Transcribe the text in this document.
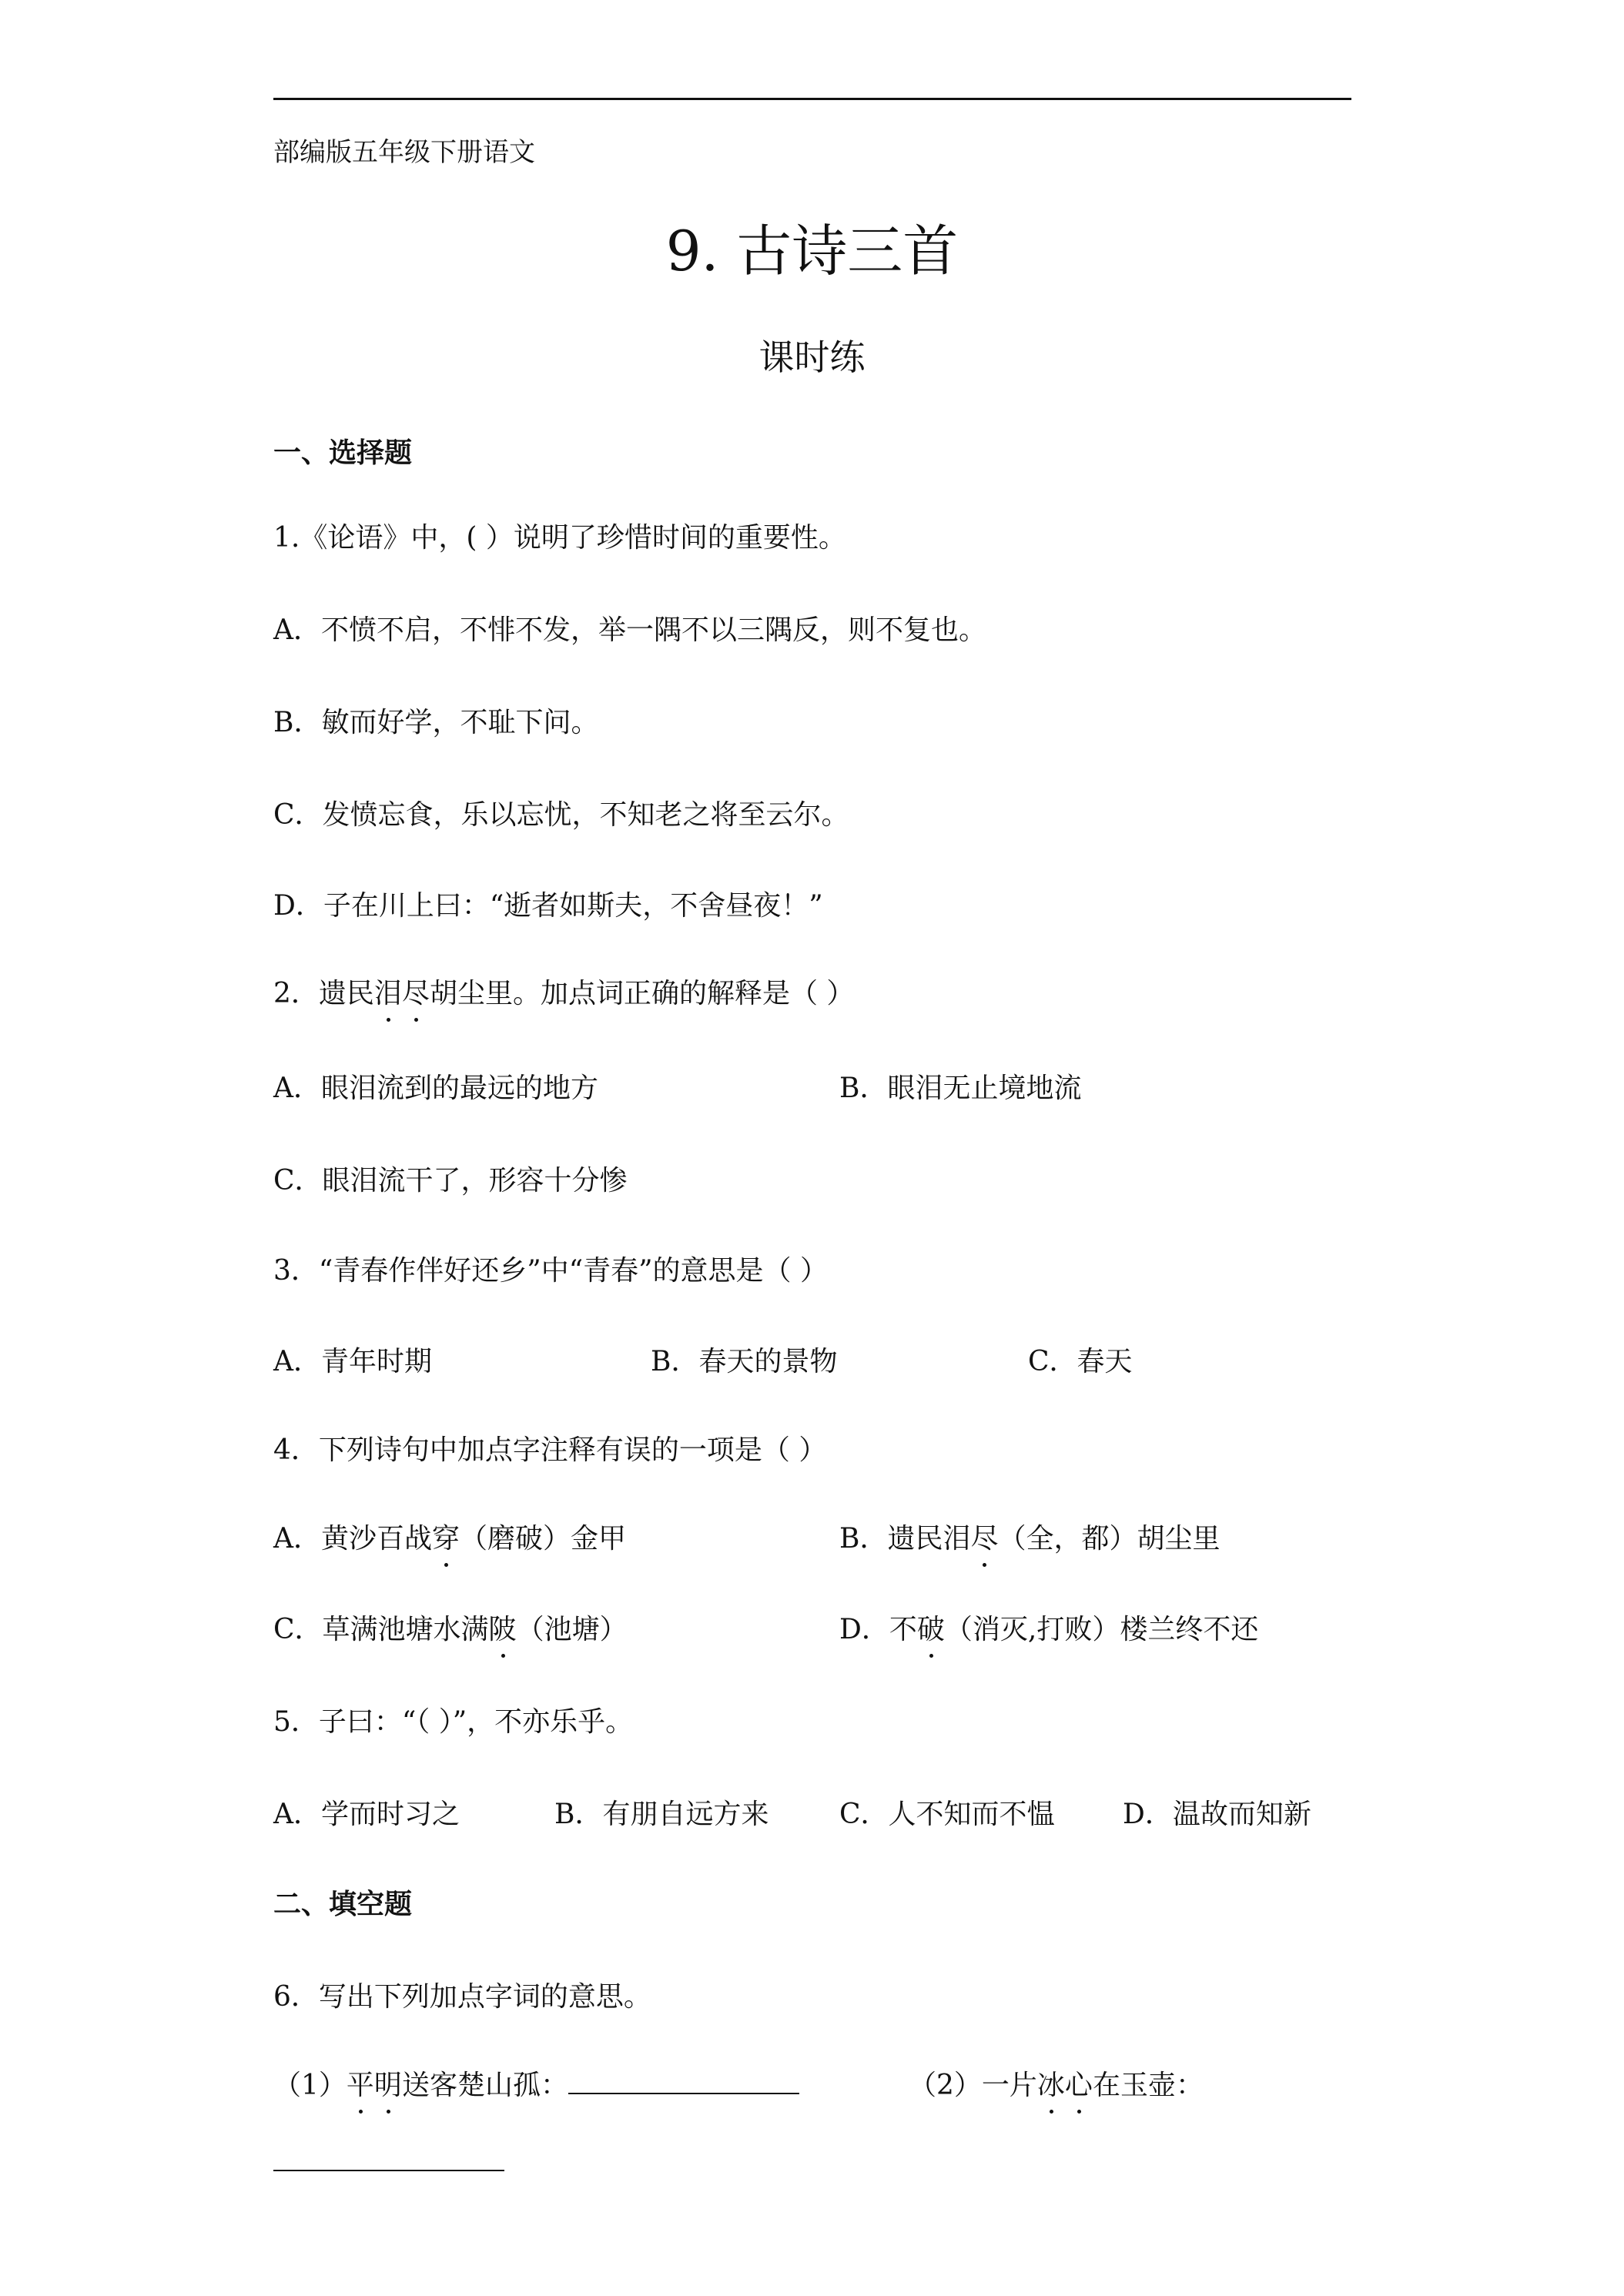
部编版五年级下册语文
9. 古诗三首
课时练
一、选择题
1.《论语》中，( ）说明了珍惜时间的重要性。
A．不愤不启，不悱不发，举一隅不以三隅反，则不复也。
B．敏而好学，不耻下问。
C．发愤忘食，乐以忘忧，不知老之将至云尔。
D．子在川上曰：“逝者如斯夫，不舍昼夜！”
2．遗民泪尽胡尘里。加点词正确的解释是（ ）
A．眼泪流到的最远的地方	B．眼泪无止境地流
C．眼泪流干了，形容十分惨
3．“青春作伴好还乡”中“青春”的意思是（ ）
A．青年时期	B．春天的景物	C．春天
4．下列诗句中加点字注释有误的一项是（ ）
A．黄沙百战穿（磨破）金甲	B．遗民泪尽（全，都）胡尘里
C．草满池塘水满陂（池塘）	D．不破（消灭,打败）楼兰终不还
5．子曰：“（ ）”，不亦乐乎。
A．学而时习之	B．有朋自远方来	C．人不知而不愠 D．温故而知新
二、填空题
6．写出下列加点字词的意思。
（1）平明送客楚山孤：	（2）一片冰心在玉壶：
